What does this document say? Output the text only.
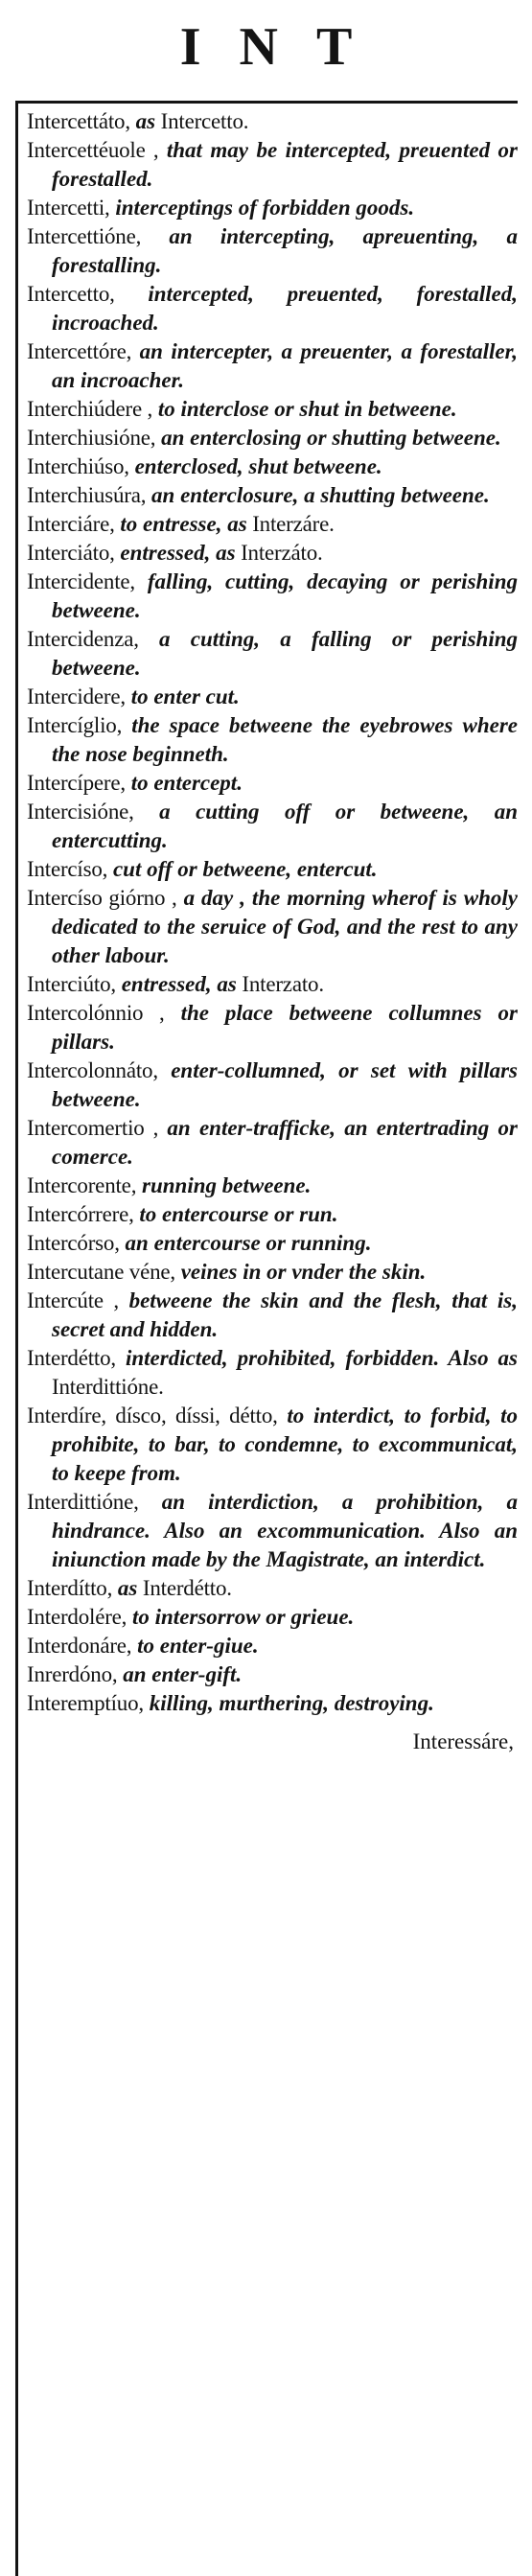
INT

Intercettáto, as Intercetto.

Intercettéuole , that may be intercepted, preuented or forestalled.

Intercetti, interceptings of forbidden goods.

Intercettióne, an intercepting, apreuenting, a forestalling.

Intercetto, intercepted, preuented, forestalled, incroached.

Intercettóre, an intercepter, a preuenter, a forestaller, an incroacher.

Interchiúdere , to interclose or shut in betweene.

Interchiusióne, an enterclosing or shutting betweene.

Interchiúso, enterclosed, shut betweene.

Interchiusúra, an enterclosure, a shutting betweene.

Interciáre, to entresse, as Interzáre.

Interciáto, entressed, as Interzáto.

Intercidente, falling, cutting, decaying or perishing betweene.

Intercidenza, a cutting, a falling or perishing betweene.

Intercidere, to enter cut.

Intercíglio, the space betweene the eyebrowes where the nose beginneth.

Intercípere, to entercept.

Intercisióne, a cutting off or betweene, an entercutting.

Intercíso, cut off or betweene, entercut.

Intercíso giórno , a day , the morning wherof is wholy dedicated to the seruice of God, and the rest to any other labour.

Interciúto, entressed, as Interzato.

Intercolónnio , the place betweene collumnes or pillars.

Intercolonnáto, enter-collumned, or set with pillars betweene.

Intercomertio , an enter-trafficke, an entertrading or comerce.

Intercorente, running betweene.

Intercórrere, to entercourse or run.

Intercórso, an entercourse or running.

Intercutane véne, veines in or vnder the skin.

Intercúte , betweene the skin and the flesh, that is, secret and hidden.

Interdétto, interdicted, prohibited, forbidden. Also as Interdittióne.

Interdíre, dísco, díssi, détto, to interdict, to forbid, to prohibite, to bar, to condemne, to excommunicat, to keepe from.

Interdittióne, an interdiction, a prohibition, a hindrance. Also an excommunication. Also an iniunction made by the Magistrate, an interdict.

Interdítto, as Interdétto.

Interdolére, to intersorrow or grieue.

Interdonáre, to enter-giue.

Inrerdóno, an enter-gift.

Interemptíuo, killing, murthering, destroying.

Interessáre,
